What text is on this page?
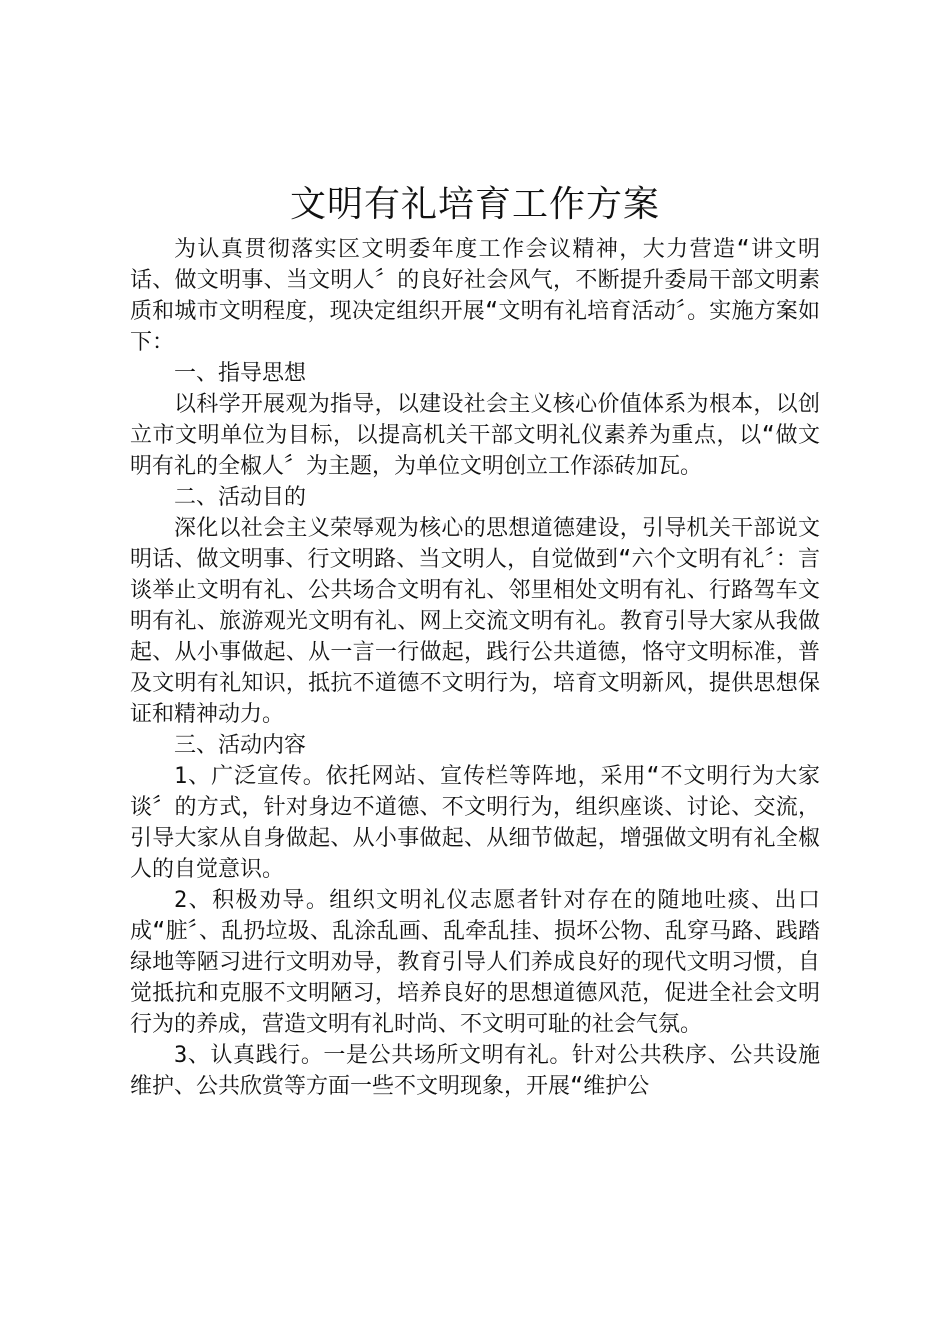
文明有礼培育工作方案

为认真贯彻落实区文明委年度工作会议精神，大力营造“讲文明话、做文明事、当文明人〞的良好社会风气，不断提升委局干部文明素质和城市文明程度，现决定组织开展“文明有礼培育活动〞。实施方案如下：

一、指导思想

以科学开展观为指导，以建设社会主义核心价值体系为根本，以创立市文明单位为目标，以提高机关干部文明礼仪素养为重点，以“做文明有礼的全椒人〞为主题，为单位文明创立工作添砖加瓦。

二、活动目的

深化以社会主义荣辱观为核心的思想道德建设，引导机关干部说文明话、做文明事、行文明路、当文明人，自觉做到“六个文明有礼〞：言谈举止文明有礼、公共场合文明有礼、邻里相处文明有礼、行路驾车文明有礼、旅游观光文明有礼、网上交流文明有礼。教育引导大家从我做起、从小事做起、从一言一行做起，践行公共道德，恪守文明标准，普及文明有礼知识，抵抗不道德不文明行为，培育文明新风，提供思想保证和精神动力。

三、活动内容

1、广泛宣传。依托网站、宣传栏等阵地，采用“不文明行为大家谈〞的方式，针对身边不道德、不文明行为，组织座谈、讨论、交流，引导大家从自身做起、从小事做起、从细节做起，增强做文明有礼全椒人的自觉意识。

2、积极劝导。组织文明礼仪志愿者针对存在的随地吐痰、出口成“脏〞、乱扔垃圾、乱涂乱画、乱牵乱挂、损坏公物、乱穿马路、践踏绿地等陋习进行文明劝导，教育引导人们养成良好的现代文明习惯，自觉抵抗和克服不文明陋习，培养良好的思想道德风范，促进全社会文明行为的养成，营造文明有礼时尚、不文明可耻的社会气氛。

3、认真践行。一是公共场所文明有礼。针对公共秩序、公共设施维护、公共欣赏等方面一些不文明现象，开展“维护公
